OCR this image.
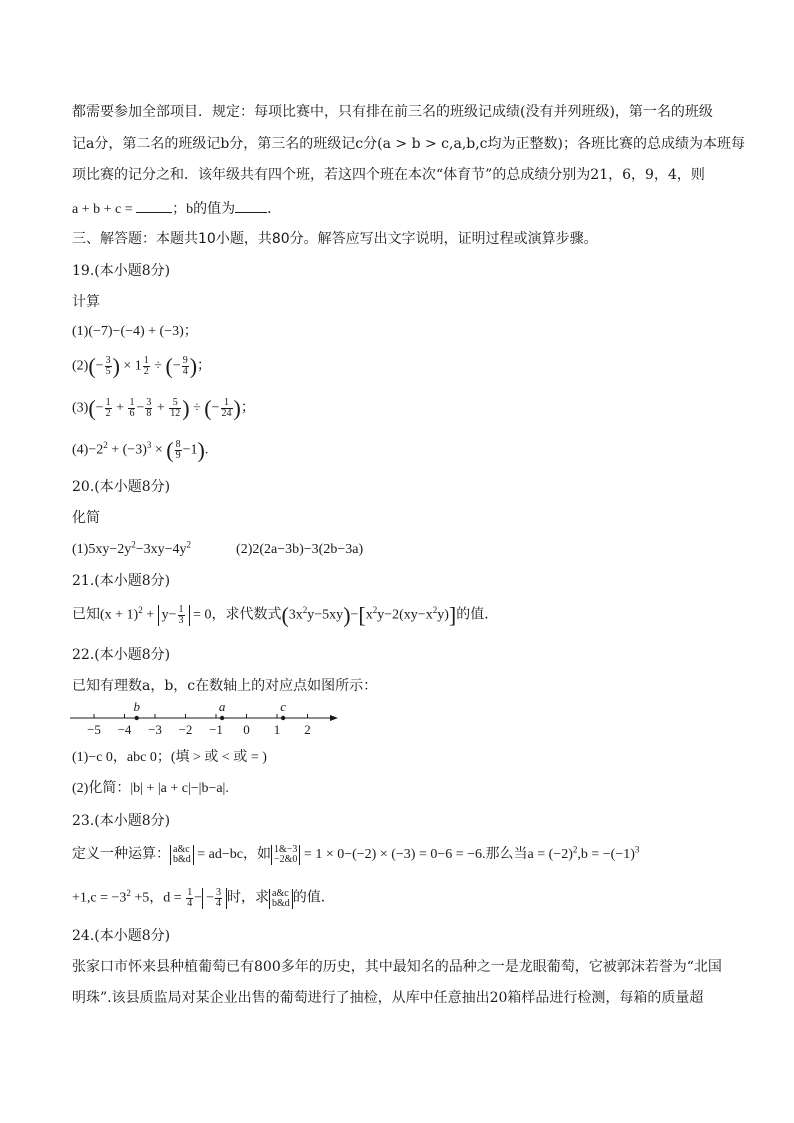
都需要参加全部项目．规定：每项比赛中，只有排在前三名的班级记成绩(没有并列班级)，第一名的班级
记a分，第二名的班级记b分，第三名的班级记c分(a > b > c,a,b,c均为正整数)；各班比赛的总成绩为本班每
项比赛的记分之和．该年级共有四个班，若这四个班在本次“体育节”的总成绩分别为21，6，9，4，则
a + b + c =	；b的值为 ．
三、解答题：本题共10小题，共80分。解答应写出文字说明，证明过程或演算步骤。
19.(本小题8分)
计算
(1)(−7)−(−4) + (−3)；
$(2)(- \frac{3}{5}$ ) × $1 \frac{1}{2}$ ÷ (− $\frac{9}{4}$ )；
$(3)(- \frac{1}{2} + \frac{1}{6} - \frac{3}{8} + \frac{5}{12}$ ) ÷ (− $\frac{1}{24}$ )；
$(4)-2^2 + (-3)^3$ × ( $\frac{8}{9} -1$).
20.(本小题8分)
化简
$(1)5xy-2y^2-3xy-4y^2$	(2)2(2a−3b)−3(2b−3a)
21.(本小题8分)
已知$(x + 1)^2 + y- \frac{1}{3} = 0$，求代数式$(3x^2y-5xy)-[x^2y-2(xy-x^2y)]$的值．
22.(本小题8分)
已知有理数a，b，c在数轴上的对应点如图所示：
−5 −4 −3 −2 −1 0 1 2
b	a	c
(1)−c 0，abc 0；(填 > 或 < 或 = )
(2)化简：|b| + |a + c|−|b−a|.
23.(本小题8分)
定义一种运算： a&c
b&d = ad−bc，如 1&−3
−2&0 = 1 × 0−(−2) × (−3) = 0−6 = −6.那么当$a = (-2)^2,b = -(-1)^3$
$+1,c = -3^2 +5$，$d = \frac{1}{4}$ − − $\frac{3}{4}$ 时，求 a&c
b&d 的值．
24.(本小题8分)
张家口市怀来县种植葡萄已有800多年的历史，其中最知名的品种之一是龙眼葡萄，它被郭沫若誉为“北国
明珠”.该县质监局对某企业出售的葡萄进行了抽检，从库中任意抽出20箱样品进行检测，每箱的质量超
